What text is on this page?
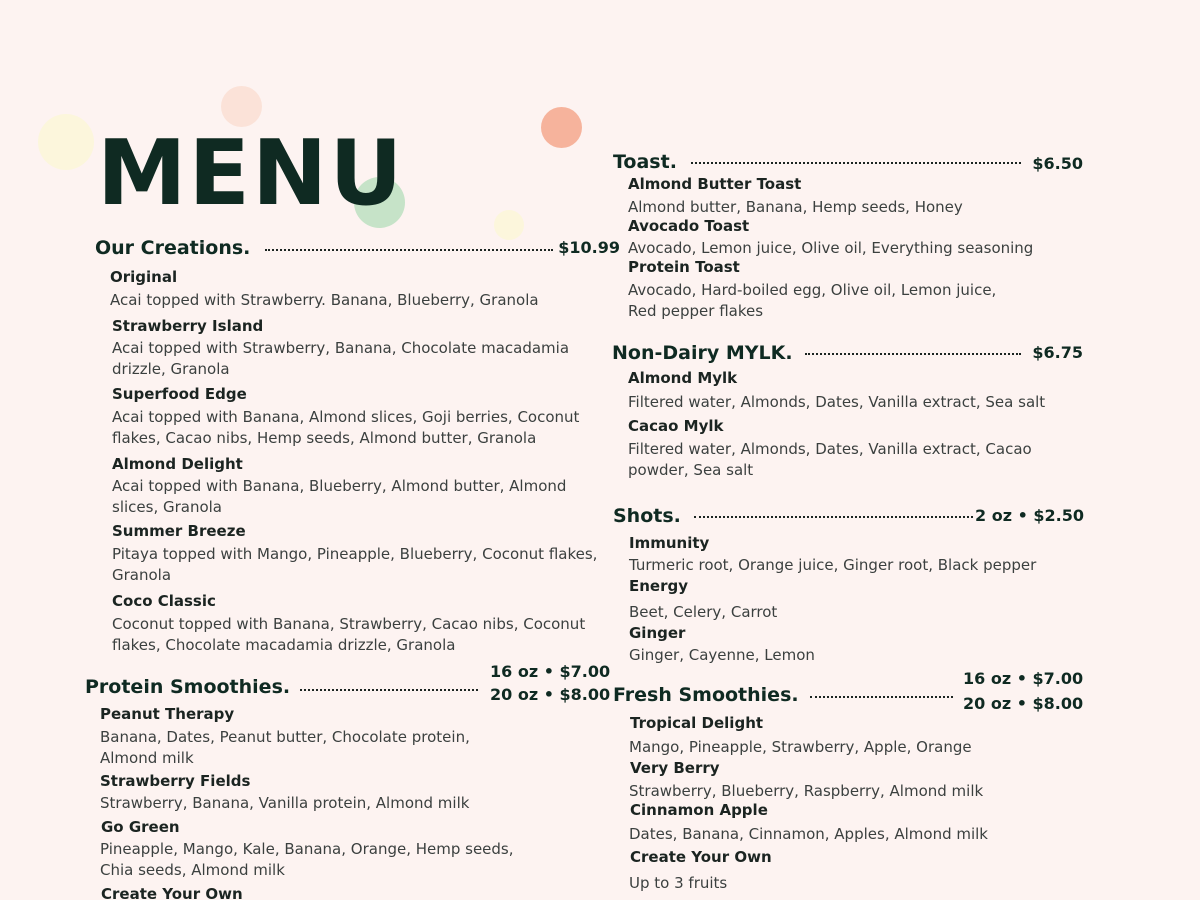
MENU
Our Creations.	$10.99
Original
Acai topped with Strawberry. Banana, Blueberry, Granola
Strawberry Island
Acai topped with Strawberry, Banana, Chocolate macadamia drizzle, Granola
Superfood Edge
Acai topped with Banana, Almond slices, Goji berries, Coconut flakes, Cacao nibs, Hemp seeds, Almond butter, Granola
Almond Delight
Acai topped with Banana, Blueberry, Almond butter, Almond slices, Granola
Summer Breeze
Pitaya topped with Mango, Pineapple, Blueberry, Coconut flakes, Granola
Coco Classic
Coconut topped with Banana, Strawberry, Cacao nibs, Coconut flakes, Chocolate macadamia drizzle, Granola
Protein Smoothies.
16 oz • $7.00
20 oz • $8.00
Peanut Therapy
Banana, Dates, Peanut butter, Chocolate protein, Almond milk
Strawberry Fields
Strawberry, Banana, Vanilla protein, Almond milk
Go Green
Pineapple, Mango, Kale, Banana, Orange, Hemp seeds, Chia seeds, Almond milk
Create Your Own
Toast.	$6.50
Almond Butter Toast
Almond butter, Banana, Hemp seeds, Honey
Avocado Toast
Avocado, Lemon juice, Olive oil, Everything seasoning
Protein Toast
Avocado, Hard-boiled egg, Olive oil, Lemon juice, Red pepper flakes
Non-Dairy MYLK.	$6.75
Almond Mylk
Filtered water, Almonds, Dates, Vanilla extract, Sea salt
Cacao Mylk
Filtered water, Almonds, Dates, Vanilla extract, Cacao powder, Sea salt
Shots.	2 oz • $2.50
Immunity
Turmeric root, Orange juice, Ginger root, Black pepper
Energy
Beet, Celery, Carrot
Ginger
Ginger, Cayenne, Lemon
Fresh Smoothies.
16 oz • $7.00
20 oz • $8.00
Tropical Delight
Mango, Pineapple, Strawberry, Apple, Orange
Very Berry
Strawberry, Blueberry, Raspberry, Almond milk
Cinnamon Apple
Dates, Banana, Cinnamon, Apples, Almond milk
Create Your Own
Up to 3 fruits
